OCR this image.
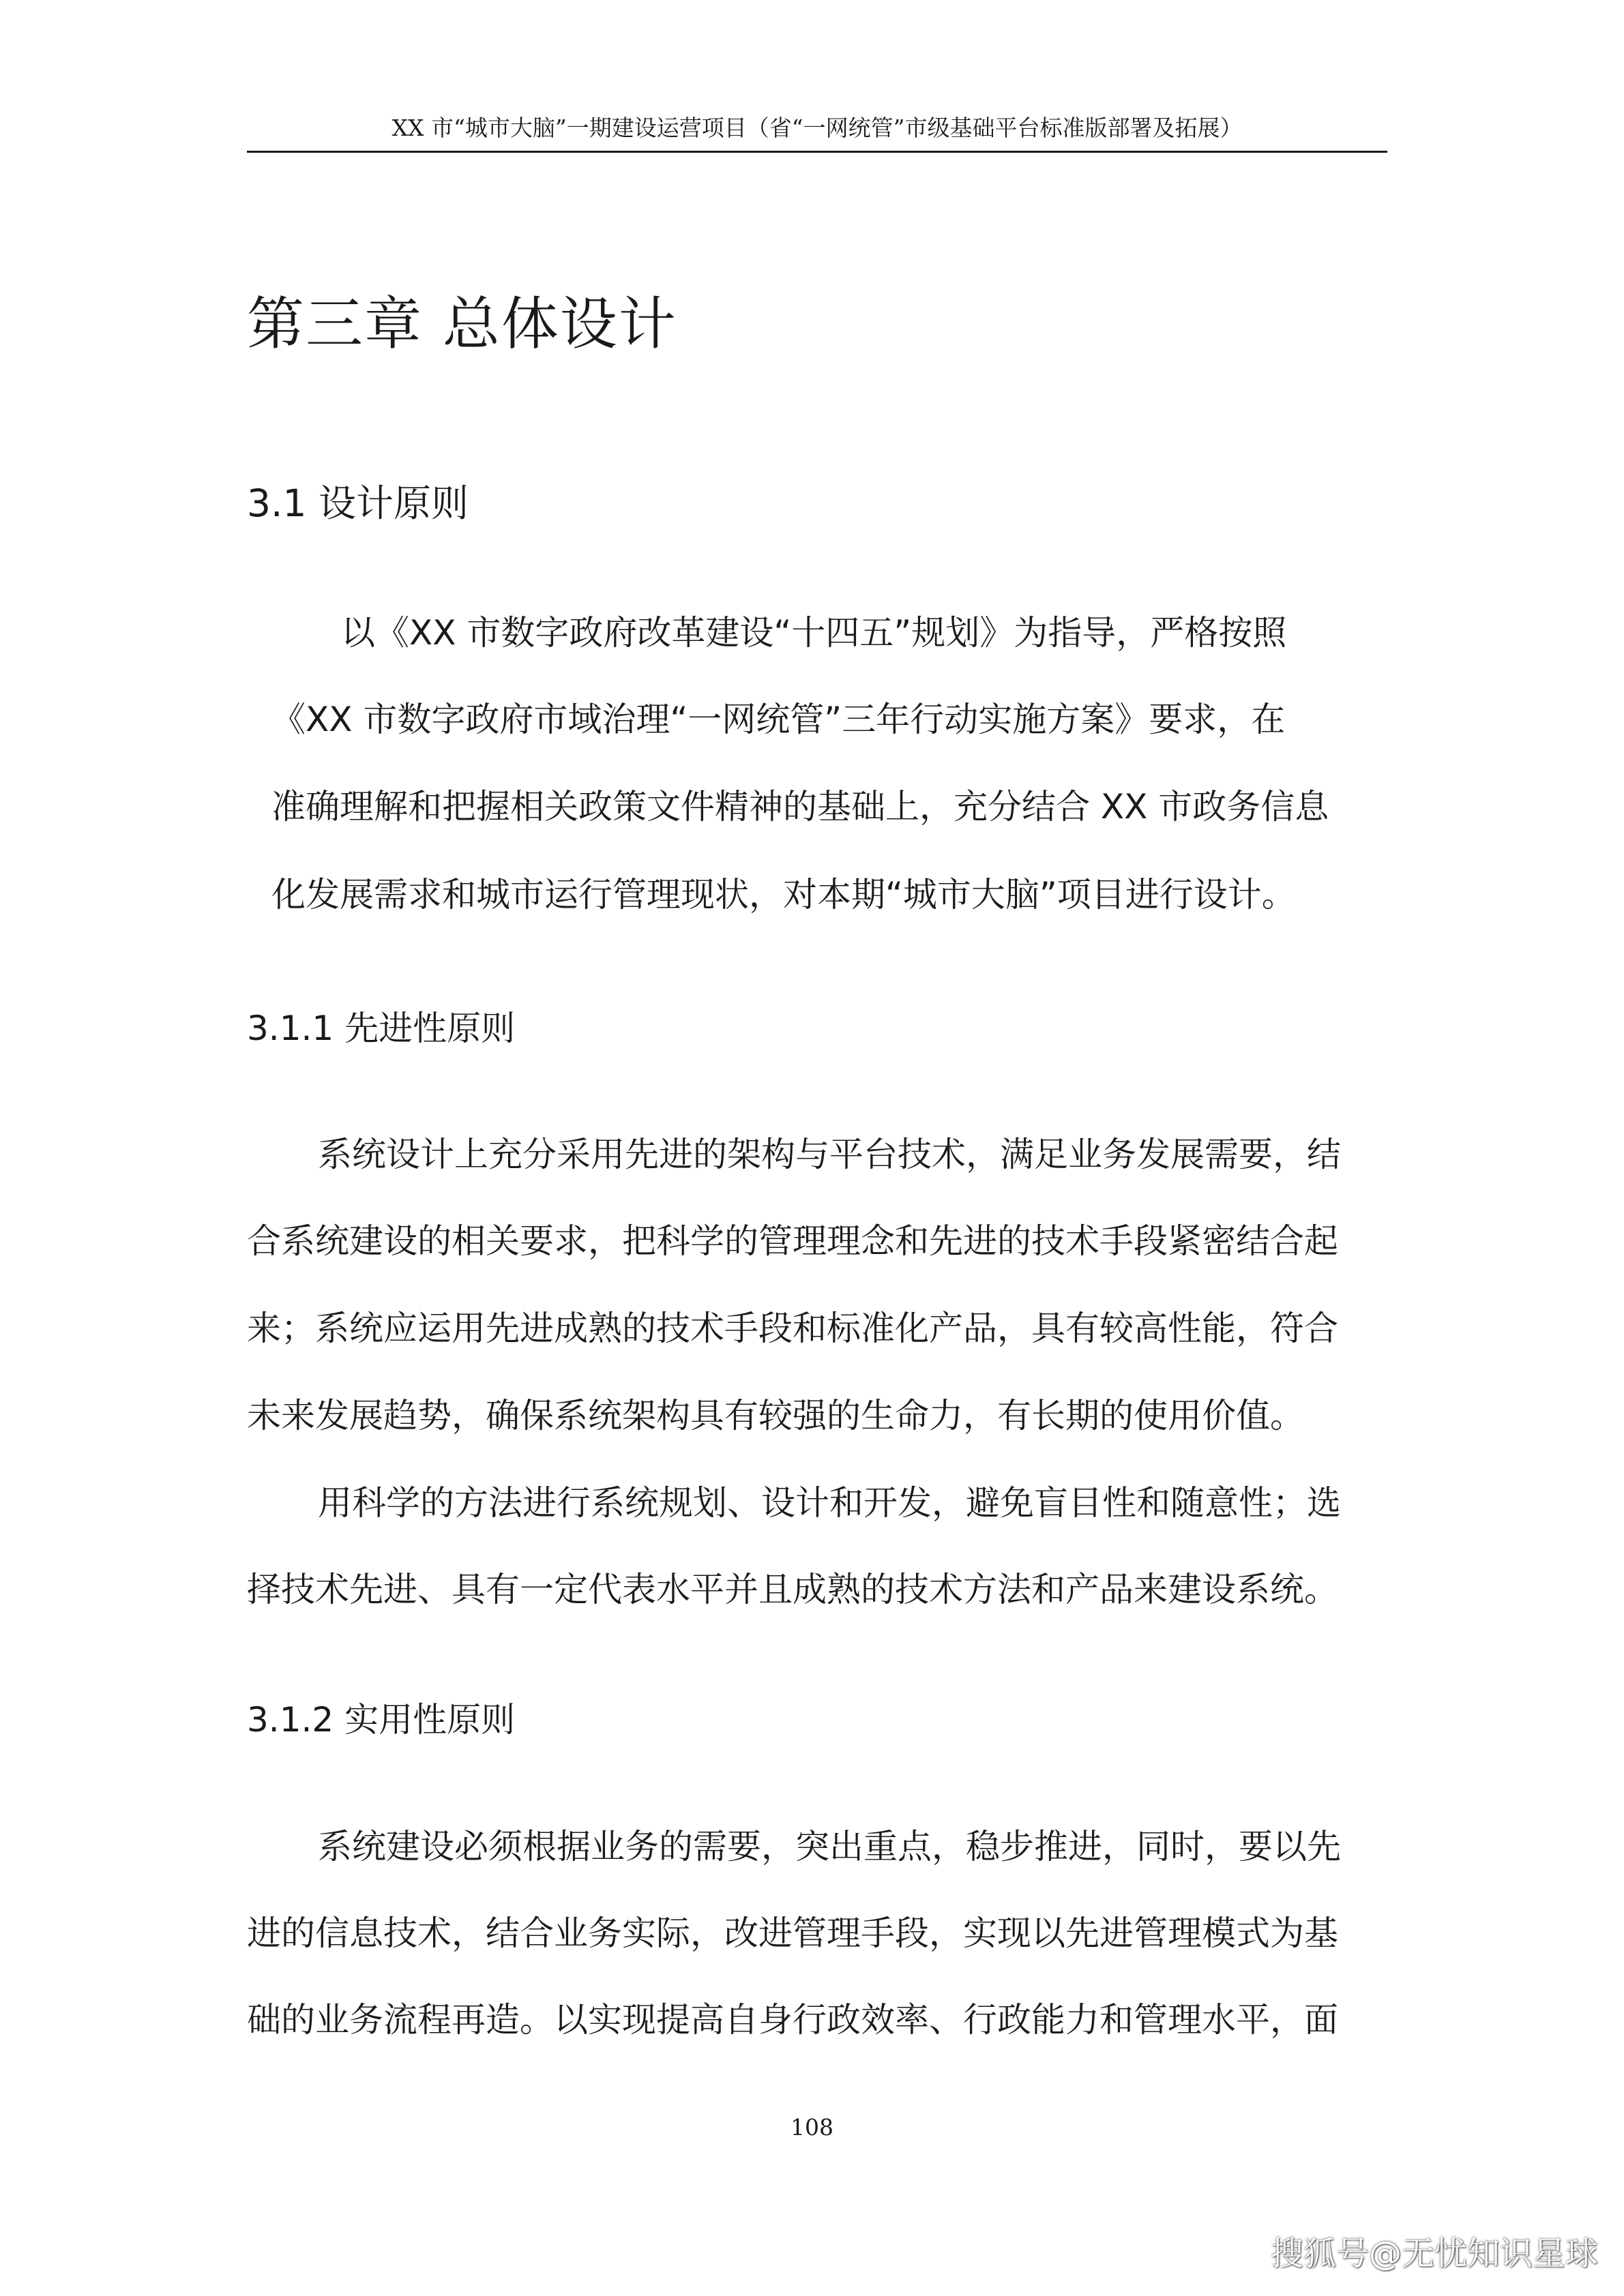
XX 市“城市大脑”一期建设运营项目（省“一网统管”市级基础平台标准版部署及拓展）
第三章 总体设计
3.1 设计原则
以《XX 市数字政府改革建设“十四五”规划》为指导，严格按照
《XX 市数字政府市域治理“一网统管”三年行动实施方案》要求，在
准确理解和把握相关政策文件精神的基础上，充分结合 XX 市政务信息
化发展需求和城市运行管理现状，对本期“城市大脑”项目进行设计。
3.1.1 先进性原则
系统设计上充分采用先进的架构与平台技术，满足业务发展需要，结
合系统建设的相关要求，把科学的管理理念和先进的技术手段紧密结合起
来；系统应运用先进成熟的技术手段和标准化产品，具有较高性能，符合
未来发展趋势，确保系统架构具有较强的生命力，有长期的使用价值。
用科学的方法进行系统规划、设计和开发，避免盲目性和随意性；选
择技术先进、具有一定代表水平并且成熟的技术方法和产品来建设系统。
3.1.2 实用性原则
系统建设必须根据业务的需要，突出重点，稳步推进，同时，要以先
进的信息技术，结合业务实际，改进管理手段，实现以先进管理模式为基
础的业务流程再造。以实现提高自身行政效率、行政能力和管理水平，面
108
搜狐号@无忧知识星球
